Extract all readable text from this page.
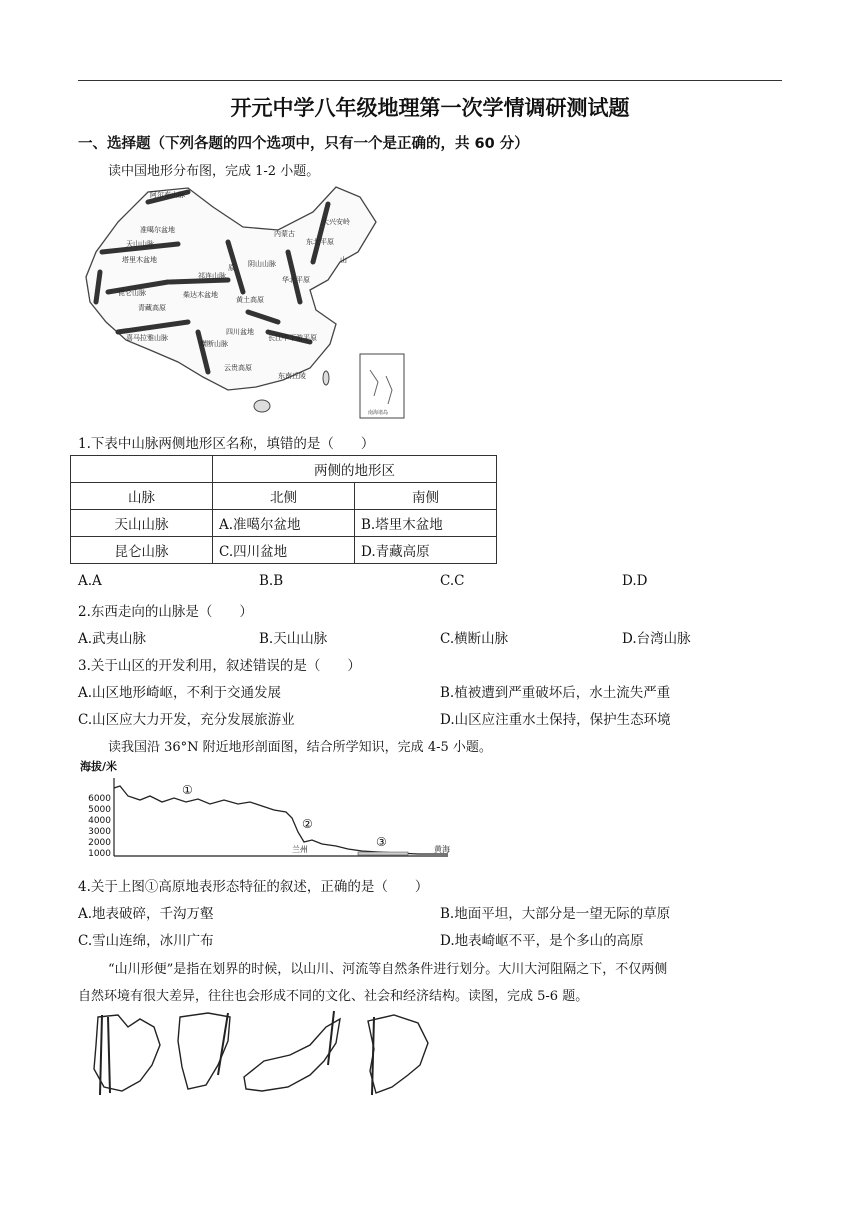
开元中学八年级地理第一次学情调研测试题
一、选择题（下列各题的四个选项中，只有一个是正确的，共 60 分）
读中国地形分布图，完成 1-2 小题。
阿尔泰山脉
准噶尔盆地
天山山脉
塔里木盆地
昆仑山脉
青藏高原
喜马拉雅山脉
柴达木盆地
祁连山脉
原 阴山山脉
黄土高原
四川盆地
横断山脉
云贵高原
东南丘陵
长江中下游平原
华北平原
东北平原
内蒙古
大兴安岭
山
南海诸岛
1.下表中山脉两侧地形区名称，填错的是（　　）
	两侧的地形区	
山脉	北侧	南侧
天山山脉	A.准噶尔盆地	B.塔里木盆地
昆仑山脉	C.四川盆地	D.青藏高原
A.A	B.B	C.C	D.D
2.东西走向的山脉是（　　）
A.武夷山脉	B.天山山脉	C.横断山脉	D.台湾山脉
3.关于山区的开发利用，叙述错误的是（　　）
A.山区地形崎岖，不利于交通发展	B.植被遭到严重破坏后，水土流失严重
C.山区应大力开发，充分发展旅游业	D.山区应注重水土保持，保护生态环境
读我国沿 36°N 附近地形剖面图，结合所学知识，完成 4-5 小题。
海拔/米
6000
5000
4000
3000
2000
1000
①
②
③
兰州	黄海
4.关于上图①高原地表形态特征的叙述，正确的是（　　）
A.地表破碎，千沟万壑	B.地面平坦，大部分是一望无际的草原
C.雪山连绵，冰川广布	D.地表崎岖不平，是个多山的高原
“山川形便”是指在划界的时候，以山川、河流等自然条件进行划分。大川大河阻隔之下，不仅两侧
自然环境有很大差异，往往也会形成不同的文化、社会和经济结构。读图，完成 5-6 题。
